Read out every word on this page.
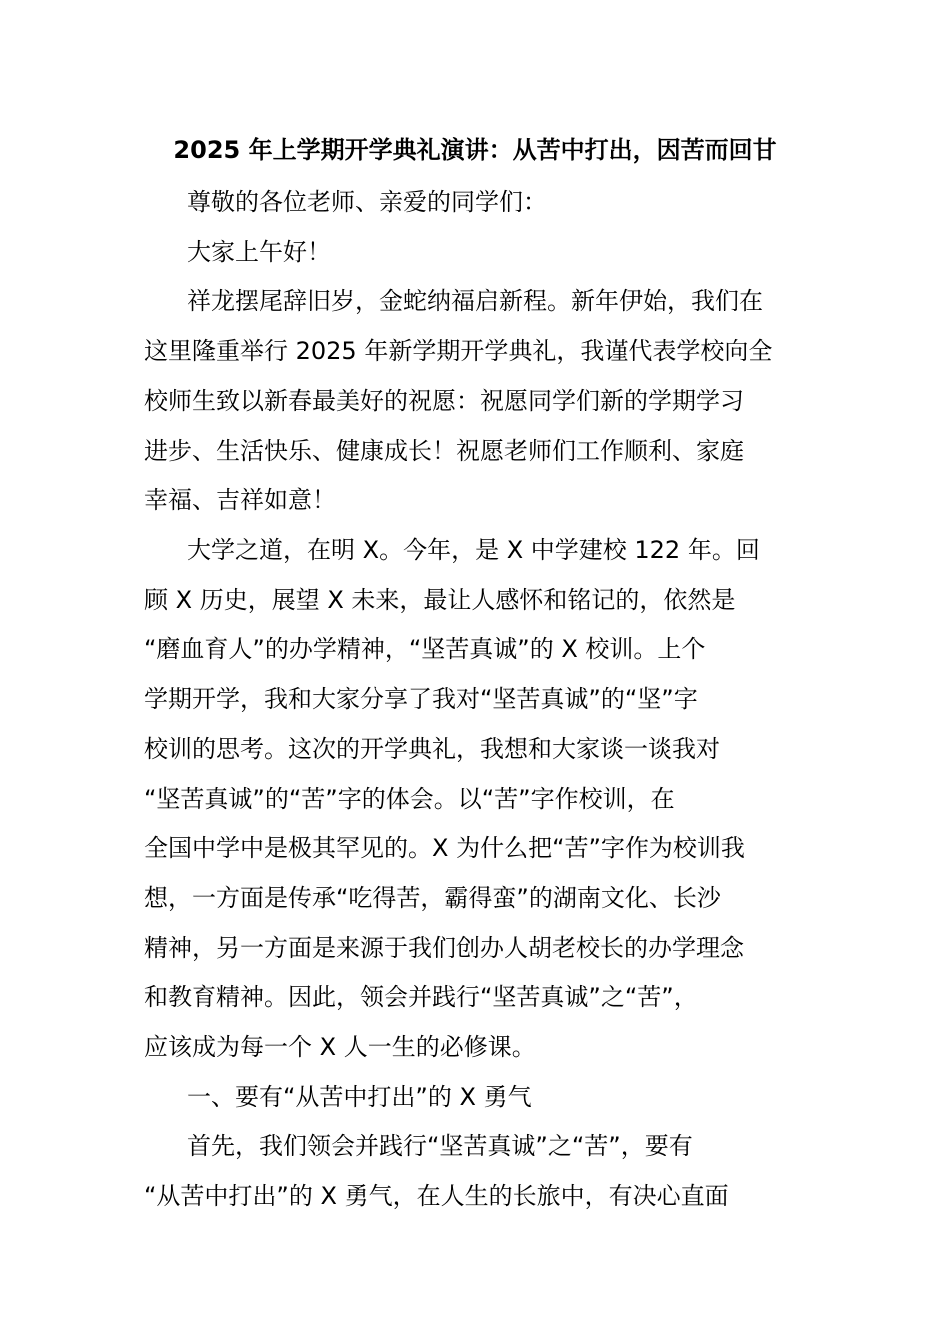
2025 年上学期开学典礼演讲：从苦中打出，因苦而回甘
尊敬的各位老师、亲爱的同学们：
大家上午好！
祥龙摆尾辞旧岁，金蛇纳福启新程。新年伊始，我们在
这里隆重举行 2025 年新学期开学典礼，我谨代表学校向全
校师生致以新春最美好的祝愿：祝愿同学们新的学期学习
进步、生活快乐、健康成长！祝愿老师们工作顺利、家庭
幸福、吉祥如意！
大学之道，在明 X。今年，是 X 中学建校 122 年。回
顾 X 历史，展望 X 未来，最让人感怀和铭记的，依然是
“磨血育人”的办学精神，“坚苦真诚”的 X 校训。上个
学期开学，我和大家分享了我对“坚苦真诚”的“坚”字
校训的思考。这次的开学典礼，我想和大家谈一谈我对
“坚苦真诚”的“苦”字的体会。以“苦”字作校训，在
全国中学中是极其罕见的。X 为什么把“苦”字作为校训我
想，一方面是传承“吃得苦，霸得蛮”的湖南文化、长沙
精神，另一方面是来源于我们创办人胡老校长的办学理念
和教育精神。因此，领会并践行“坚苦真诚”之“苦”，
应该成为每一个 X 人一生的必修课。
一、要有“从苦中打出”的 X 勇气
首先，我们领会并践行“坚苦真诚”之“苦”，要有
“从苦中打出”的 X 勇气，在人生的长旅中，有决心直面
